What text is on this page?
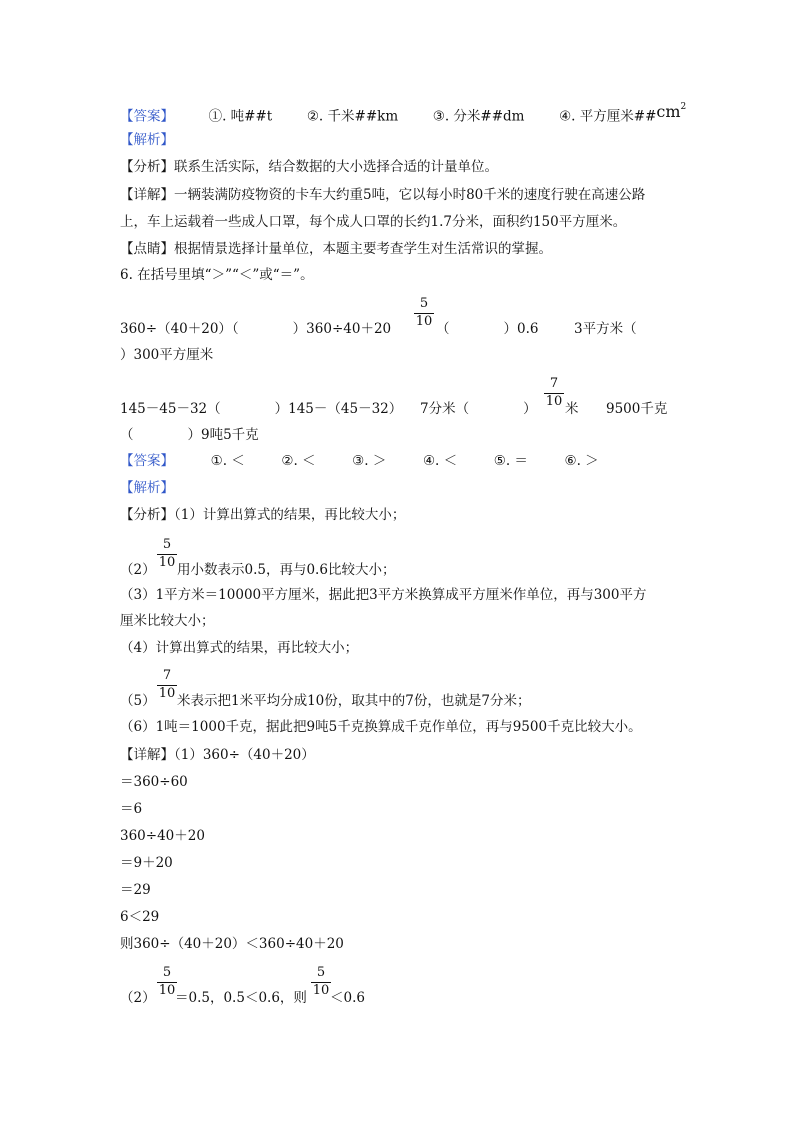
【答案】	①. 吨##t	②. 千米##km	③. 分米##dm	④. 平方厘米$\#\#cm^2$
【解析】
【分析】联系生活实际，结合数据的大小选择合适的计量单位。
【详解】一辆装满防疫物资的卡车大约重5吨，它以每小时80千米的速度行驶在高速公路
上，车上运载着一些成人口罩，每个成人口罩的长约1.7分米，面积约150平方厘米。
【点睛】根据情景选择计量单位，本题主要考查学生对生活常识的掌握。
6. 在括号里填“＞”“＜”或“＝”。
360÷（40＋20）（　　　　）360÷40＋20
5
10 （　　　　）0.6	3平方米（
）300平方厘米
145－45－32（　　　　）145－（45－32） 7分米（　　　　）
7
10 米 9500千克
（　　　　）9吨5千克
【答案】	①. ＜	②. ＜	③. ＞	④. ＜	⑤. ＝	⑥. ＞
【解析】
【分析】（1）计算出算式的结果，再比较大小；
5
10
（2） 用小数表示0.5，再与0.6比较大小；
（3）1平方米＝10000平方厘米，据此把3平方米换算成平方厘米作单位，再与300平方
厘米比较大小；
（4）计算出算式的结果，再比较大小；
7
10
（5） 米表示把1米平均分成10份，取其中的7份，也就是7分米；
（6）1吨＝1000千克，据此把9吨5千克换算成千克作单位，再与9500千克比较大小。
【详解】（1）360÷（40＋20）
＝360÷60
＝6
360÷40＋20
＝9＋20
＝29
6＜29
则360÷（40＋20）＜360÷40＋20
5
10
5
10
（2） ＝0.5，0.5＜0.6，则 ＜0.6
